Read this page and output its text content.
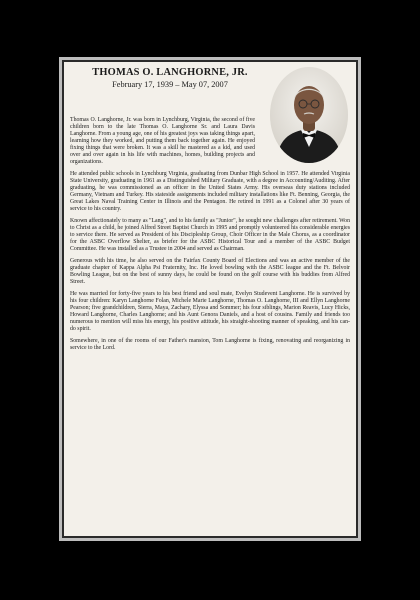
THOMAS O. LANGHORNE, JR.
February 17, 1939 – May 07, 2007

Thomas O. Langhorne, Jr. was born in Lynchburg, Virginia, the second of five children born to the late Thomas O. Langhorne Sr. and Laura Davis Langhorne. From a young age, one of his greatest joys was taking things apart, learning how they worked, and putting them back together again. He enjoyed fixing things that were broken. It was a skill he mastered as a kid, and used over and over again in his life with machines, homes, building projects and organizations.

He attended public schools in Lynchburg Virginia, graduating from Dunbar High School in 1957. He attended Virginia State University, graduating in 1961 as a Distinguished Military Graduate, with a degree in Accounting/Auditing. After graduating, he was commissioned as an officer in the United States Army. His overseas duty stations included Germany, Vietnam and Turkey. His stateside assignments included military installations like Ft. Benning, Georgia, the Great Lakes Naval Training Center in Illinois and the Pentagon. He retired in 1991 as a Colonel after 30 years of service to his country.

Known affectionately to many as "Lang", and to his family as "Junior", he sought new challenges after retirement. Won to Christ as a child, he joined Alfred Street Baptist Church in 1995 and promptly volunteered his considerable energies to service there. He served as President of his Discipleship Group, Choir Officer in the Male Chorus, as a coordinator for the ASBC Overflow Shelter, as briefer for the ASBC Historical Tour and a member of the ASBC Budget Committee. He was installed as a Trustee in 2004 and served as Chairman.

Generous with his time, he also served on the Fairfax County Board of Elections and was an active member of the graduate chapter of Kappa Alpha Psi Fraternity, Inc. He loved bowling with the ASBC league and the Ft. Belvoir Bowling League, but on the best of sunny days, he could be found on the golf course with his buddies from Alfred Street.

He was married for forty-five years to his best friend and soul mate, Evelyn Studevent Langhorne. He is survived by his four children: Karyn Langhorne Folan, Michele Marie Langhorne, Thomas O. Langhorne, III and Ellyn Langhorne Pearson; five grandchildren, Sierra, Maya, Zachary, Elyssa and Sommer; his four siblings, Marion Reavis, Lucy Hicks, Howard Langhorne, Charles Langhorne; and his Aunt Genora Daniels, and a host of cousins. Family and friends too numerous to mention will miss his energy, his positive attitude, his straight-shooting manner of speaking, and his can-do spirit.

Somewhere, in one of the rooms of our Father's mansion, Tom Langhorne is fixing, renovating and reorganizing in service to the Lord.
